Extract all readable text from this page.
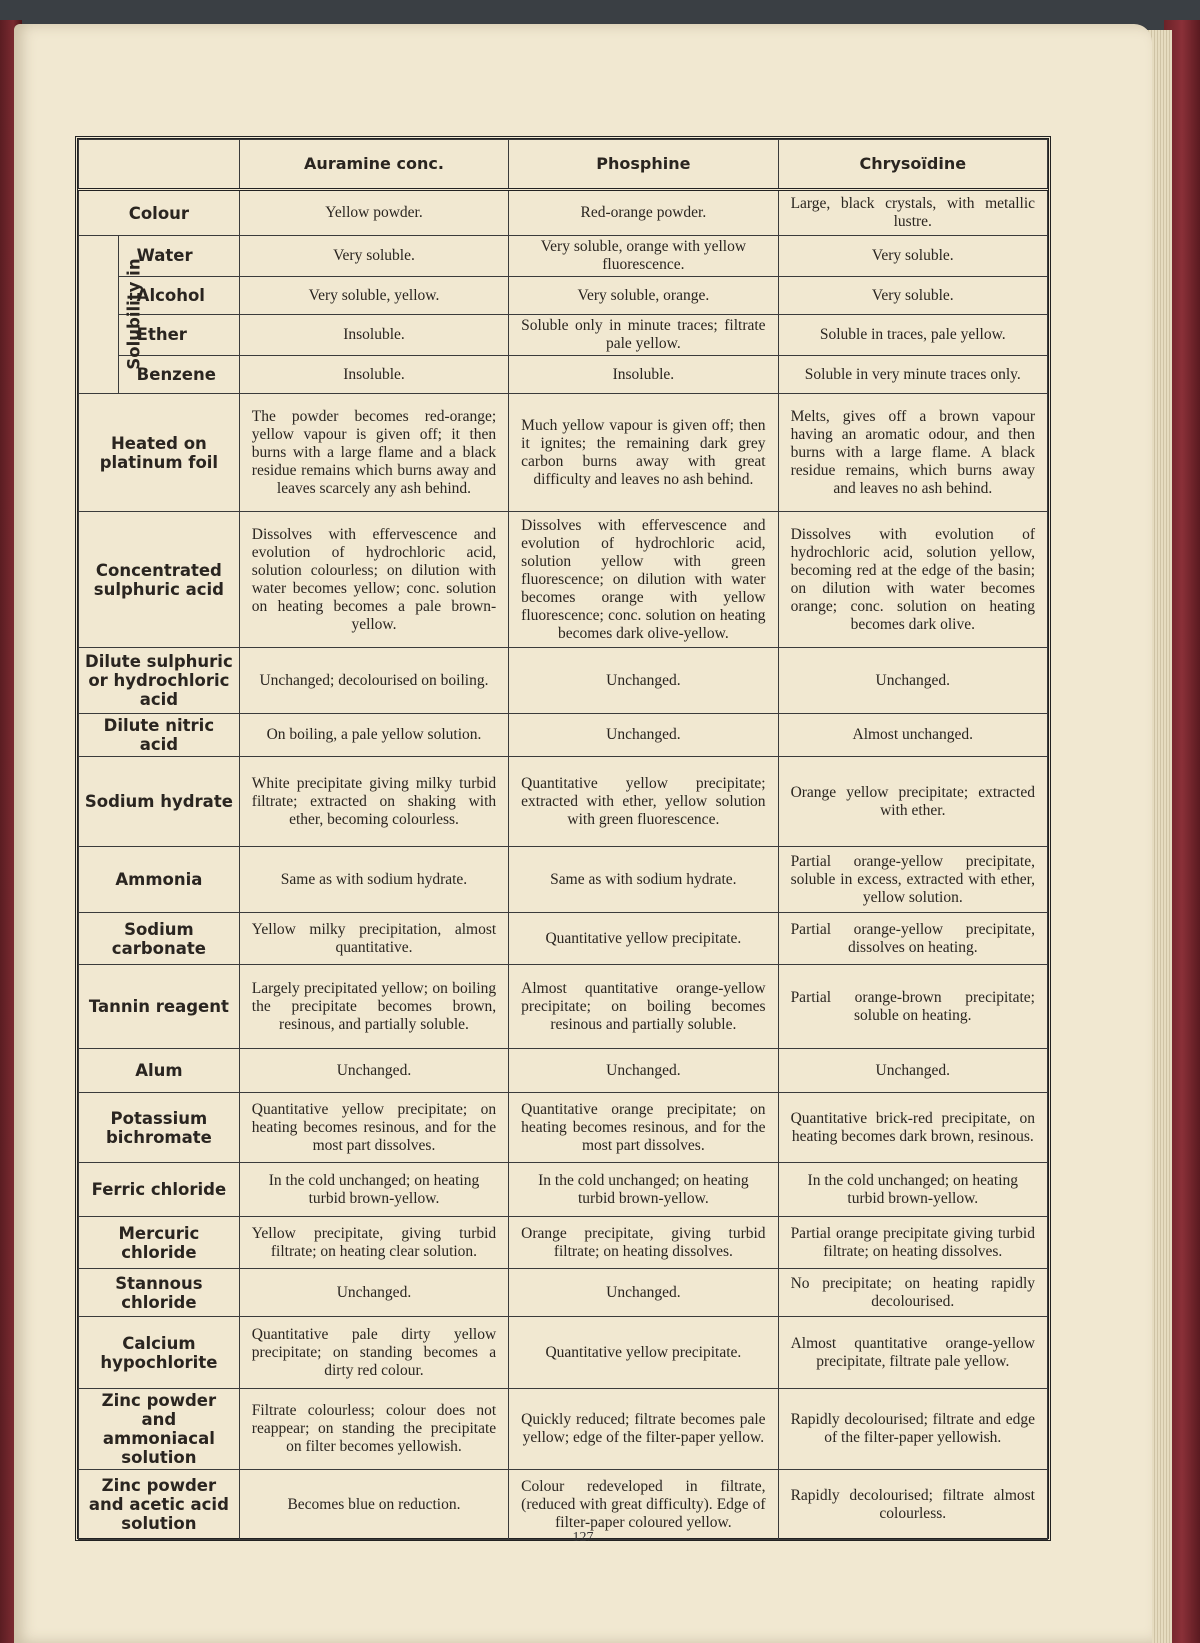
		Auramine conc.	Phosphine	Chrysoïdine
Colour		Yellow powder.	Red-orange powder.	Large, black crystals, with metallic lustre.
Solubility in	Water	Very soluble.	Very soluble, orange with yellow fluorescence.	Very soluble.
	Alcohol	Very soluble, yellow.	Very soluble, orange.	Very soluble.
	Ether	Insoluble.	Soluble only in minute traces; filtrate pale yellow.	Soluble in traces, pale yellow.
	Benzene	Insoluble.	Insoluble.	Soluble in very minute traces only.
Heated on platinum foil		The powder becomes red-orange; yellow vapour is given off; it then burns with a large flame and a black residue remains which burns away and leaves scarcely any ash behind.	Much yellow vapour is given off; then it ignites; the remaining dark grey carbon burns away with great difficulty and leaves no ash behind.	Melts, gives off a brown vapour having an aromatic odour, and then burns with a large flame. A black residue remains, which burns away and leaves no ash behind.
Concentrated sulphuric acid		Dissolves with effervescence and evolution of hydrochloric acid, solution colourless; on dilution with water becomes yellow; conc. solution on heating becomes a pale brown-yellow.	Dissolves with effervescence and evolution of hydrochloric acid, solution yellow with green fluorescence; on dilution with water becomes orange with yellow fluorescence; conc. solution on heating becomes dark olive-yellow.	Dissolves with evolution of hydrochloric acid, solution yellow, becoming red at the edge of the basin; on dilution with water becomes orange; conc. solution on heating becomes dark olive.
Dilute sulphuric or hydrochloric acid		Unchanged; decolourised on boiling.	Unchanged.	Unchanged.
Dilute nitric acid		On boiling, a pale yellow solution.	Unchanged.	Almost unchanged.
Sodium hydrate		White precipitate giving milky turbid filtrate; extracted on shaking with ether, becoming colourless.	Quantitative yellow precipitate; extracted with ether, yellow solution with green fluorescence.	Orange yellow precipitate; extracted with ether.
Ammonia		Same as with sodium hydrate.	Same as with sodium hydrate.	Partial orange-yellow precipitate, soluble in excess, extracted with ether, yellow solution.
Sodium carbonate		Yellow milky precipitation, almost quantitative.	Quantitative yellow precipitate.	Partial orange-yellow precipitate, dissolves on heating.
Tannin reagent		Largely precipitated yellow; on boiling the precipitate becomes brown, resinous, and partially soluble.	Almost quantitative orange-yellow precipitate; on boiling becomes resinous and partially soluble.	Partial orange-brown precipitate; soluble on heating.
Alum		Unchanged.	Unchanged.	Unchanged.
Potassium bichromate		Quantitative yellow precipitate; on heating becomes resinous, and for the most part dissolves.	Quantitative orange precipitate; on heating becomes resinous, and for the most part dissolves.	Quantitative brick-red precipitate, on heating becomes dark brown, resinous.
Ferric chloride		In the cold unchanged; on heating turbid brown-yellow.	In the cold unchanged; on heating turbid brown-yellow.	In the cold unchanged; on heating turbid brown-yellow.
Mercuric chloride		Yellow precipitate, giving turbid filtrate; on heating clear solution.	Orange precipitate, giving turbid filtrate; on heating dissolves.	Partial orange precipitate giving turbid filtrate; on heating dissolves.
Stannous chloride		Unchanged.	Unchanged.	No precipitate; on heating rapidly decolourised.
Calcium hypochlorite		Quantitative pale dirty yellow precipitate; on standing becomes a dirty red colour.	Quantitative yellow precipitate.	Almost quantitative orange-yellow precipitate, filtrate pale yellow.
Zinc powder and ammoniacal solution		Filtrate colourless; colour does not reappear; on standing the precipitate on filter becomes yellowish.	Quickly reduced; filtrate becomes pale yellow; edge of the filter-paper yellow.	Rapidly decolourised; filtrate and edge of the filter-paper yellowish.
Zinc powder and acetic acid solution		Becomes blue on reduction.	Colour redeveloped in filtrate, (reduced with great difficulty). Edge of filter-paper coloured yellow.	Rapidly decolourised; filtrate almost colourless.
127
